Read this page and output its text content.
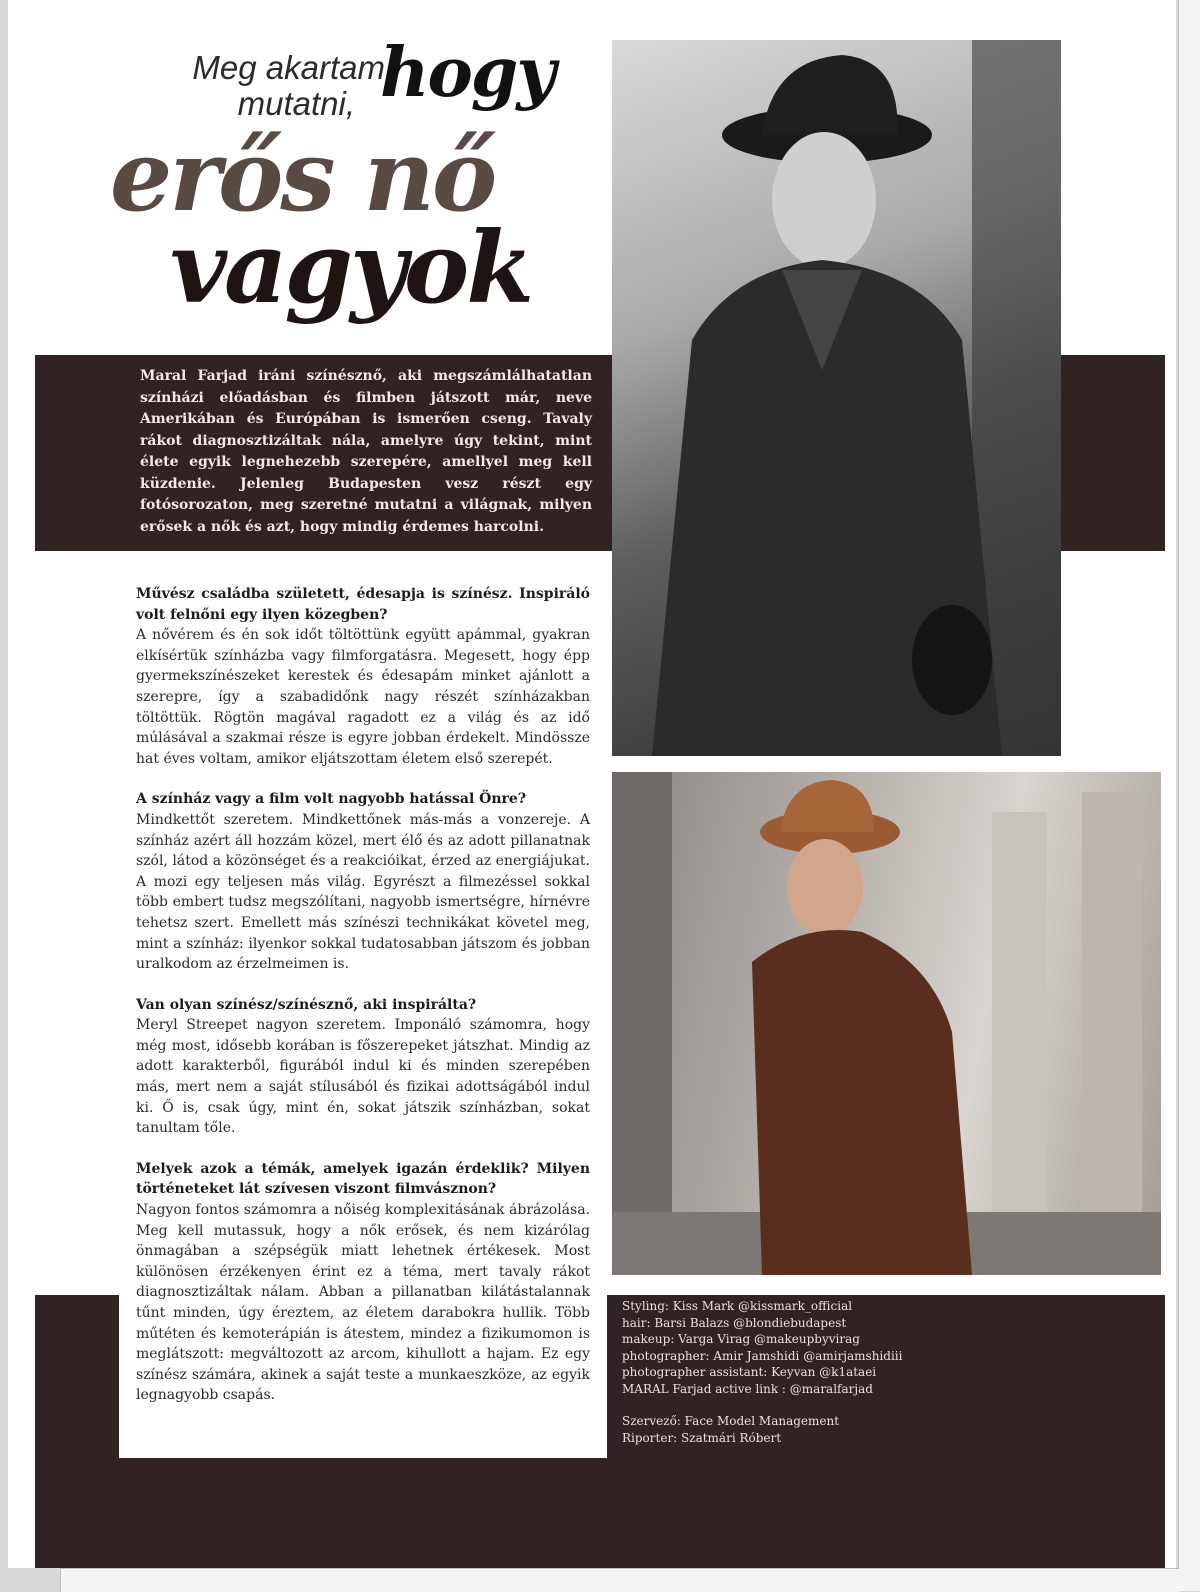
Meg akartam

mutatni, hogy

erős nő

vagyok

Maral Farjad iráni színésznő, aki megszámlálhatatlan színházi előadásban és filmben játszott már, neve Amerikában és Európában is ismerően cseng. Tavaly rákot diagnosztizáltak nála, amelyre úgy tekint, mint élete egyik legnehezebb szerepére, amellyel meg kell küzdenie. Jelenleg Budapesten vesz részt egy fotósorozaton, meg szeretné mutatni a világnak, milyen erősek a nők és azt, hogy mindig érdemes harcolni.

Művész családba született, édesapja is színész. Inspiráló volt felnőni egy ilyen közegben?

A nővérem és én sok időt töltöttünk együtt apámmal, gyakran elkísértük színházba vagy filmforgatásra. Megesett, hogy épp gyermekszínészeket kerestek és édesapám minket ajánlott a szerepre, így a szabadidőnk nagy részét színházakban töltöttük. Rögtön magával ragadott ez a világ és az idő múlásával a szakmai része is egyre jobban érdekelt. Mindössze hat éves voltam, amikor eljátszottam életem első szerepét.

A színház vagy a film volt nagyobb hatással Önre?

Mindkettőt szeretem. Mindkettőnek más-más a vonzereje. A színház azért áll hozzám közel, mert élő és az adott pillanatnak szól, látod a közönséget és a reakcióikat, érzed az energiájukat. A mozi egy teljesen más világ. Egyrészt a filmezéssel sokkal több embert tudsz megszólítani, nagyobb ismertségre, hírnévre tehetsz szert. Emellett más színészi technikákat követel meg, mint a színház: ilyenkor sokkal tudatosabban játszom és jobban uralkodom az érzelmeimen is.

Van olyan színész/színésznő, aki inspirálta?

Meryl Streepet nagyon szeretem. Imponáló számomra, hogy még most, idősebb korában is főszerepeket játszhat. Mindig az adott karakterből, figurából indul ki és minden szerepében más, mert nem a saját stílusából és fizikai adottságából indul ki. Ő is, csak úgy, mint én, sokat játszik színházban, sokat tanultam tőle.

Melyek azok a témák, amelyek igazán érdeklik? Milyen történeteket lát szívesen viszont filmvásznon?

Nagyon fontos számomra a nőiség komplexitásának ábrázolása. Meg kell mutassuk, hogy a nők erősek, és nem kizárólag önmagában a szépségük miatt lehetnek értékesek. Most különösen érzékenyen érint ez a téma, mert tavaly rákot diagnosztizáltak nálam. Abban a pillanatban kilátástalannak tűnt minden, úgy éreztem, az életem darabokra hullik. Több műtéten és kemoterápián is átestem, mindez a fizikumomon is meglátszott: megváltozott az arcom, kihullott a hajam. Ez egy színész számára, akinek a saját teste a munkaeszköze, az egyik legnagyobb csapás.

Styling: Kiss Mark @kissmark_official
hair: Barsi Balazs @blondiebudapest
makeup: Varga Virag @makeupbyvirag
photographer: Amir Jamshidi @amirjamshidiii
photographer assistant: Keyvan @k1ataei
MARAL Farjad active link : @maralfarjad
Szervező: Face Model Management
Riporter: Szatmári Róbert
